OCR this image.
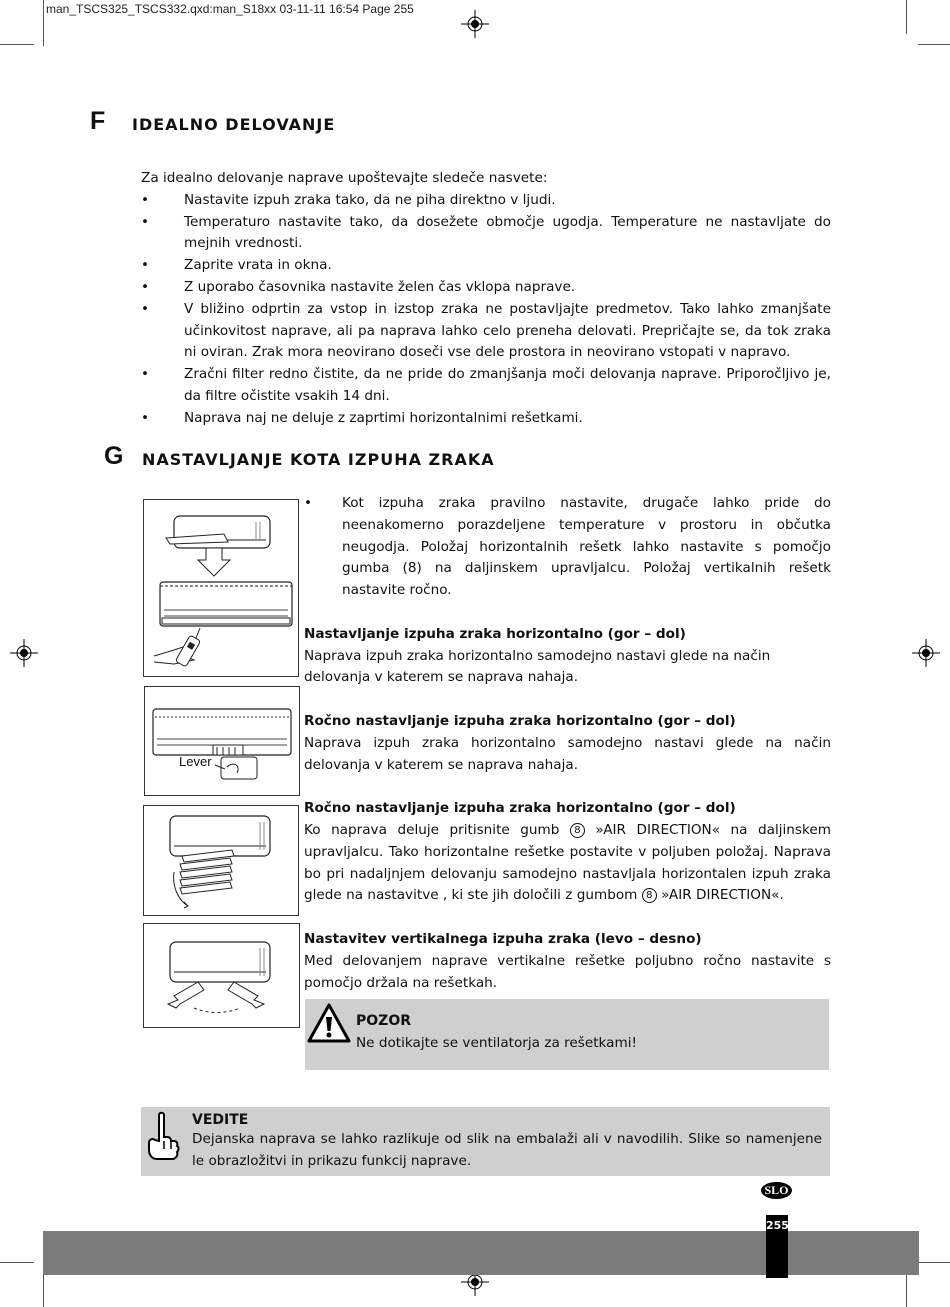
man_TSCS325_TSCS332.qxd:man_S18xx 03-11-11 16:54 Page 255
F IDEALNO DELOVANJE

Za idealno delovanje naprave upoštevajte sledeče nasvete:

• Nastavite izpuh zraka tako, da ne piha direktno v ljudi.
• Temperaturo nastavite tako, da dosežete območje ugodja. Temperature ne nastavljate do mejnih vrednosti.
• Zaprite vrata in okna.
• Z uporabo časovnika nastavite želen čas vklopa naprave.
• V bližino odprtin za vstop in izstop zraka ne postavljajte predmetov. Tako lahko zmanjšate učinkovitost naprave, ali pa naprava lahko celo preneha delovati. Prepričajte se, da tok zraka ni oviran. Zrak mora neovirano doseči vse dele prostora in neovirano vstopati v napravo.
• Zračni filter redno čistite, da ne pride do zmanjšanja moči delovanja naprave. Priporočljivo je, da filtre očistite vsakih 14 dni.
• Naprava naj ne deluje z zaprtimi horizontalnimi rešetkami.
G NASTAVLJANJE KOTA IZPUHA ZRAKA
Lever

• Kot izpuha zraka pravilno nastavite, drugače lahko pride do neenakomerno porazdeljene temperature v prostoru in občutka neugodja. Položaj horizontalnih rešetk lahko nastavite s pomočjo gumba (8) na daljinskem upravljalcu. Položaj vertikalnih rešetk nastavite ročno.

Nastavljanje izpuha zraka horizontalno (gor – dol)

Naprava izpuh zraka horizontalno samodejno nastavi glede na način delovanja v katerem se naprava nahaja.

Ročno nastavljanje izpuha zraka horizontalno (gor – dol)

Naprava izpuh zraka horizontalno samodejno nastavi glede na način delovanja v katerem se naprava nahaja.

Ročno nastavljanje izpuha zraka horizontalno (gor – dol)

Ko naprava deluje pritisnite gumb 8 »AIR DIRECTION« na daljinskem upravljalcu. Tako horizontalne rešetke postavite v poljuben položaj. Naprava bo pri nadaljnjem delovanju samodejno nastavljala horizontalen izpuh zraka glede na nastavitve , ki ste jih določili z gumbom 8 »AIR DIRECTION«.

Nastavitev vertikalnega izpuha zraka (levo – desno)

Med delovanjem naprave vertikalne rešetke poljubno ročno nastavite s pomočjo držala na rešetkah.

POZOR
Ne dotikajte se ventilatorja za rešetkami!
VEDITE
Dejanska naprava se lahko razlikuje od slik na embalaži ali v navodilih. Slike so namenjene le obrazložitvi in prikazu funkcij naprave.
SLO
255
